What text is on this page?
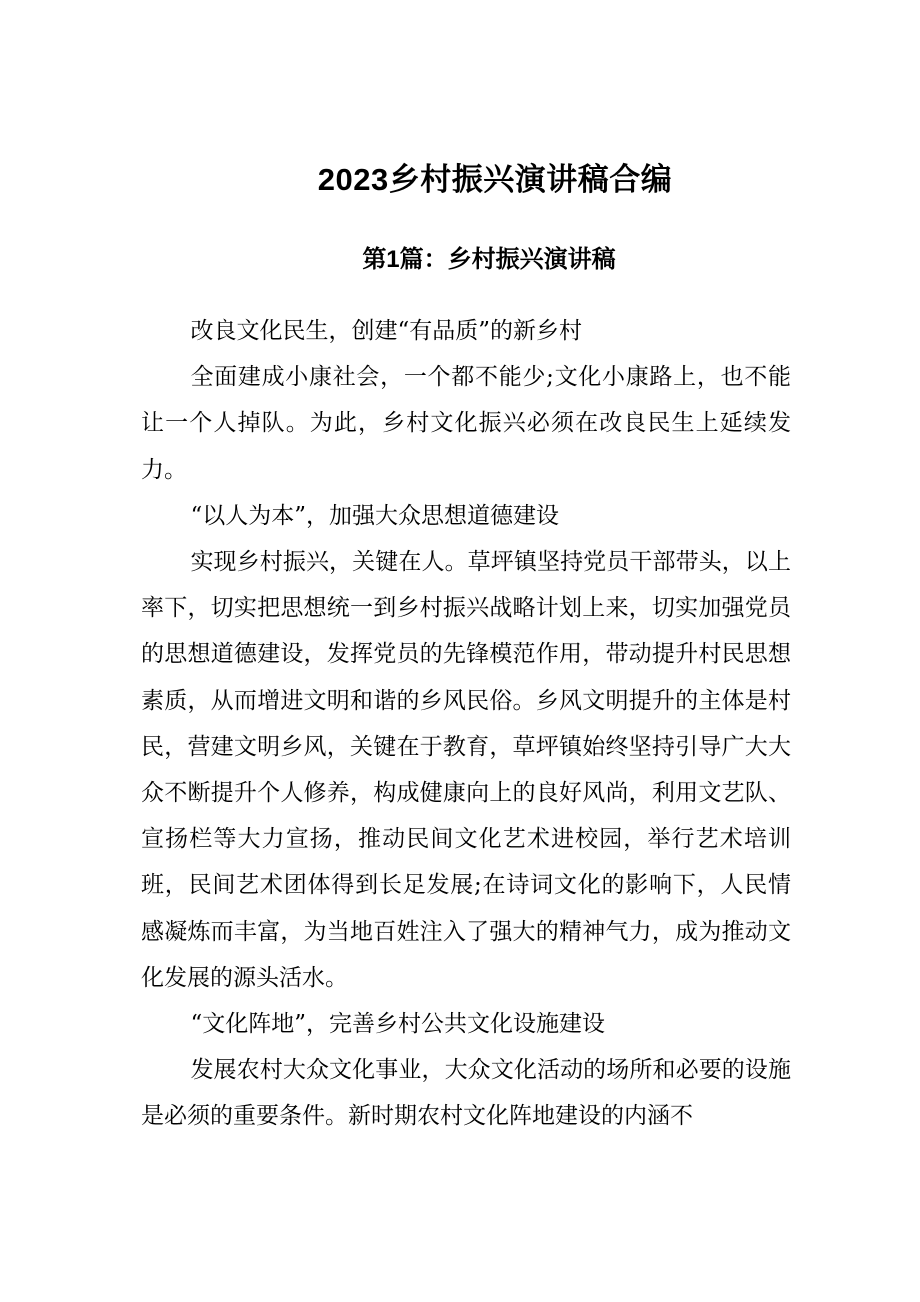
2023乡村振兴演讲稿合编
第1篇：乡村振兴演讲稿

改良文化民生，创建“有品质”的新乡村

全面建成小康社会，一个都不能少;文化小康路上，也不能让一个人掉队。为此，乡村文化振兴必须在改良民生上延续发力。

“以人为本”，加强大众思想道德建设

实现乡村振兴，关键在人。草坪镇坚持党员干部带头，以上率下，切实把思想统一到乡村振兴战略计划上来，切实加强党员的思想道德建设，发挥党员的先锋模范作用，带动提升村民思想素质，从而增进文明和谐的乡风民俗。乡风文明提升的主体是村民，营建文明乡风，关键在于教育，草坪镇始终坚持引导广大大众不断提升个人修养，构成健康向上的良好风尚，利用文艺队、宣扬栏等大力宣扬，推动民间文化艺术进校园，举行艺术培训班，民间艺术团体得到长足发展;在诗词文化的影响下，人民情感凝炼而丰富，为当地百姓注入了强大的精神气力，成为推动文化发展的源头活水。

“文化阵地”，完善乡村公共文化设施建设

发展农村大众文化事业，大众文化活动的场所和必要的设施是必须的重要条件。新时期农村文化阵地建设的内涵不
